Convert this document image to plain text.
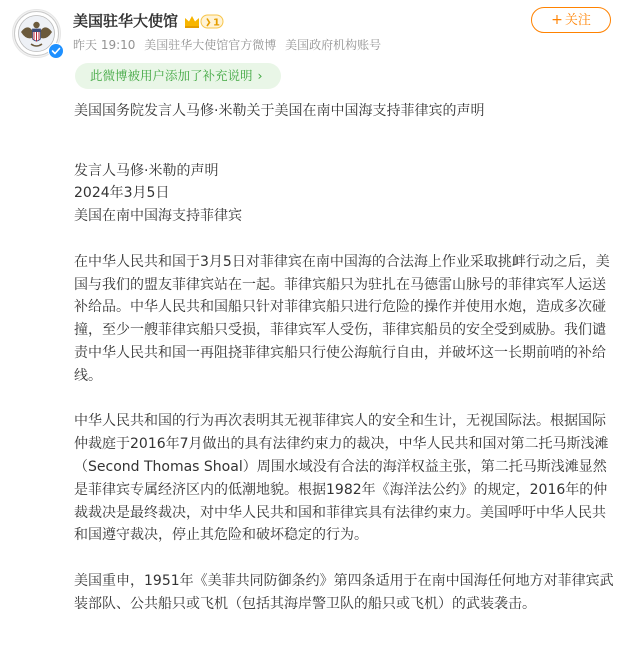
美国驻华大使馆	1
昨天 19:10 美国驻华大使馆官方微博 美国政府机构账号
+ 关注
此微博被用户添加了补充说明 ›

美国国务院发言人马修·米勒关于美国在南中国海支持菲律宾的声明

发言人马修·米勒的声明

2024年3月5日

美国在南中国海支持菲律宾

在中华人民共和国于3月5日对菲律宾在南中国海的合法海上作业采取挑衅行动之后，美国与我们的盟友菲律宾站在一起。菲律宾船只为驻扎在马德雷山脉号的菲律宾军人运送补给品。中华人民共和国船只针对菲律宾船只进行危险的操作并使用水炮，造成多次碰撞，至少一艘菲律宾船只受损，菲律宾军人受伤，菲律宾船员的安全受到威胁。我们谴责中华人民共和国一再阻挠菲律宾船只行使公海航行自由，并破坏这一长期前哨的补给线。

中华人民共和国的行为再次表明其无视菲律宾人的安全和生计，无视国际法。根据国际仲裁庭于2016年7月做出的具有法律约束力的裁决，中华人民共和国对第二托马斯浅滩（Second Thomas Shoal）周围水域没有合法的海洋权益主张，第二托马斯浅滩显然是菲律宾专属经济区内的低潮地貌。根据1982年《海洋法公约》的规定，2016年的仲裁裁决是最终裁决，对中华人民共和国和菲律宾具有法律约束力。美国呼吁中华人民共和国遵守裁决，停止其危险和破坏稳定的行为。

美国重申，1951年《美菲共同防御条约》第四条适用于在南中国海任何地方对菲律宾武装部队、公共船只或飞机（包括其海岸警卫队的船只或飞机）的武装袭击。
